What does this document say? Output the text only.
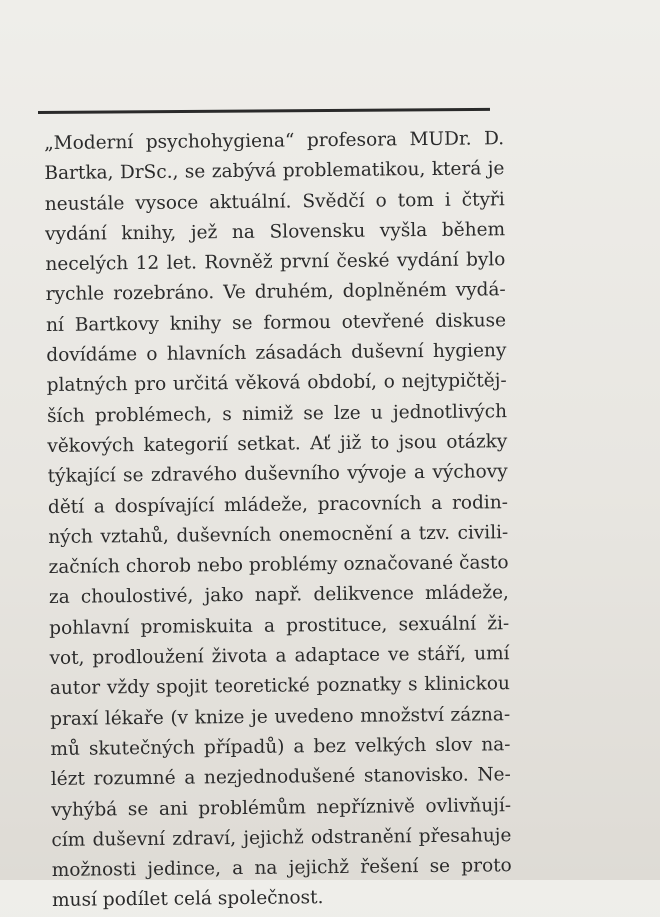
„Moderní psychohygiena“ profesora MUDr. D.
Bartka, DrSc., se zabývá problematikou, která je
neustále vysoce aktuální. Svědčí o tom i čtyři
vydání knihy, jež na Slovensku vyšla během
necelých 12 let. Rovněž první české vydání bylo
rychle rozebráno. Ve druhém, doplněném vydá-
ní Bartkovy knihy se formou otevřené diskuse
dovídáme o hlavních zásadách duševní hygieny
platných pro určitá věková období, o nejtypičtěj-
ších problémech, s nimiž se lze u jednotlivých
věkových kategorií setkat. Ať již to jsou otázky
týkající se zdravého duševního vývoje a výchovy
dětí a dospívající mládeže, pracovních a rodin-
ných vztahů, duševních onemocnění a tzv. civili-
začních chorob nebo problémy označované často
za choulostivé, jako např. delikvence mládeže,
pohlavní promiskuita a prostituce, sexuální ži-
vot, prodloužení života a adaptace ve stáří, umí
autor vždy spojit teoretické poznatky s klinickou
praxí lékaře (v knize je uvedeno množství zázna-
mů skutečných případů) a bez velkých slov na-
lézt rozumné a nezjednodušené stanovisko. Ne-
vyhýbá se ani problémům nepříznivě ovlivňují-
cím duševní zdraví, jejichž odstranění přesahuje
možnosti jedince, a na jejichž řešení se proto
musí podílet celá společnost.
